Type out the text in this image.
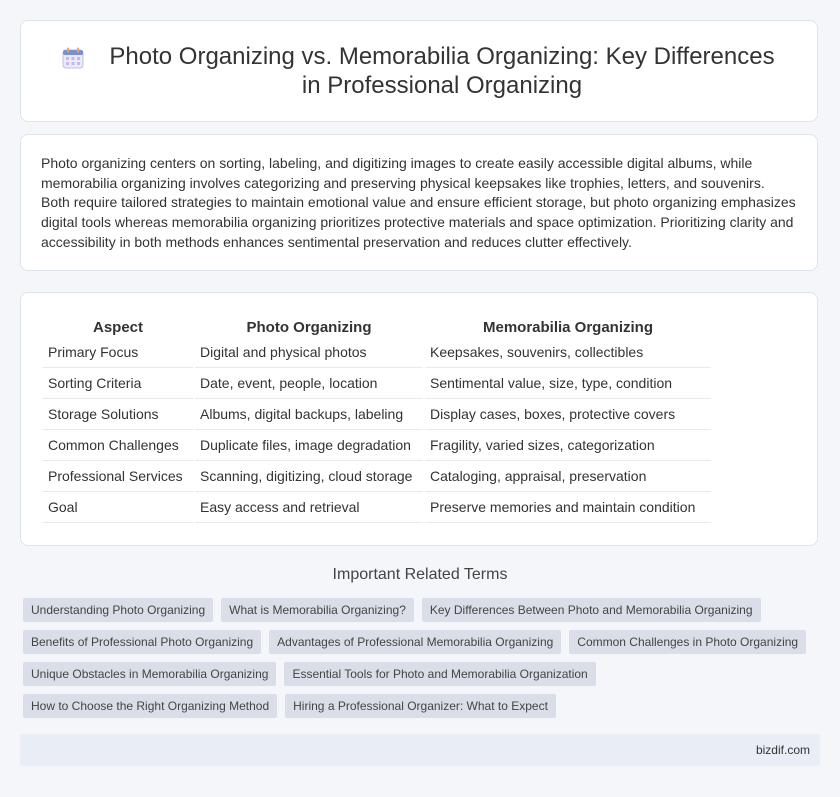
Photo Organizing vs. Memorabilia Organizing: Key Differences in Professional Organizing

Photo organizing centers on sorting, labeling, and digitizing images to create easily accessible digital albums, while memorabilia organizing involves categorizing and preserving physical keepsakes like trophies, letters, and souvenirs. Both require tailored strategies to maintain emotional value and ensure efficient storage, but photo organizing emphasizes digital tools whereas memorabilia organizing prioritizes protective materials and space optimization. Prioritizing clarity and accessibility in both methods enhances sentimental preservation and reduces clutter effectively.

Aspect	Photo Organizing	Memorabilia Organizing
Primary Focus	Digital and physical photos	Keepsakes, souvenirs, collectibles
Sorting Criteria	Date, event, people, location	Sentimental value, size, type, condition
Storage Solutions	Albums, digital backups, labeling	Display cases, boxes, protective covers
Common Challenges	Duplicate files, image degradation	Fragility, varied sizes, categorization
Professional Services	Scanning, digitizing, cloud storage	Cataloging, appraisal, preservation
Goal	Easy access and retrieval	Preserve memories and maintain condition
Important Related Terms
Understanding Photo Organizing	What is Memorabilia Organizing?	Key Differences Between Photo and Memorabilia Organizing
Benefits of Professional Photo Organizing	Advantages of Professional Memorabilia Organizing	Common Challenges in Photo Organizing
Unique Obstacles in Memorabilia Organizing	Essential Tools for Photo and Memorabilia Organization
How to Choose the Right Organizing Method	Hiring a Professional Organizer: What to Expect
bizdif.com
